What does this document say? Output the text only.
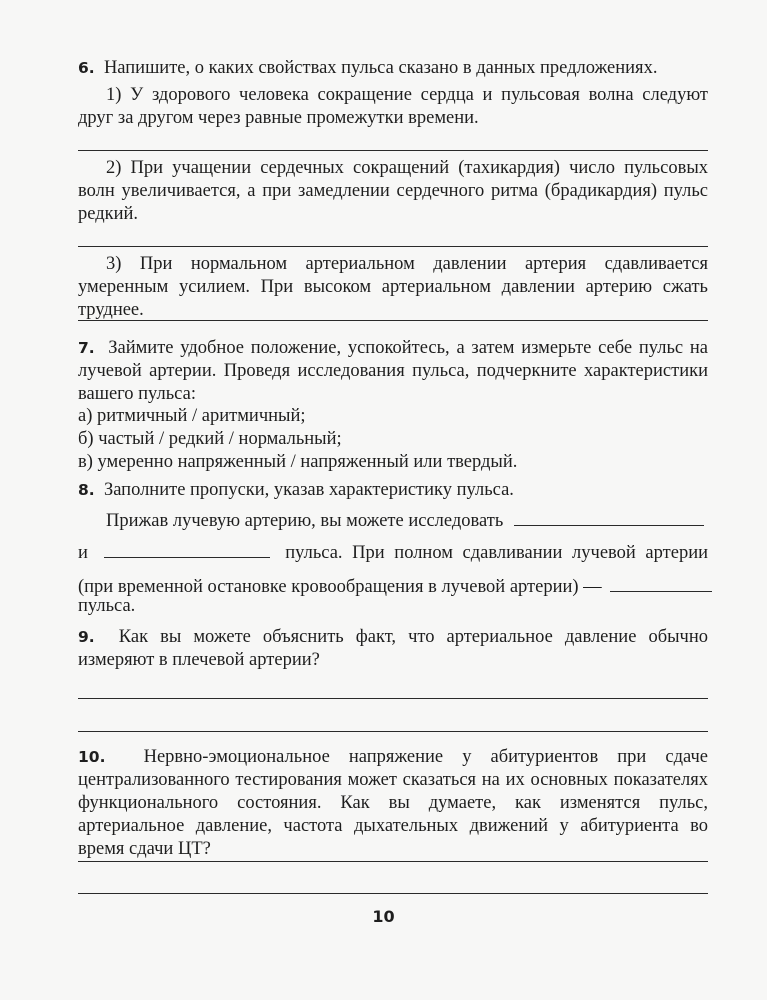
6. Напишите, о каких свойствах пульса сказано в данных предложениях.
1) У здорового человека сокращение сердца и пульсовая волна следуют друг за другом через равные промежутки времени.
2) При учащении сердечных сокращений (тахикардия) число пульсовых волн увеличивается, а при замедлении сердечного ритма (брадикардия) пульс редкий.
3) При нормальном артериальном давлении артерия сдавливается умеренным усилием. При высоком артериальном давлении артерию сжать труднее.
7. Займите удобное положение, успокойтесь, а затем измерьте себе пульс на лучевой артерии. Проведя исследования пульса, подчеркните характеристики вашего пульса:
а) ритмичный / аритмичный;
б) частый / редкий / нормальный;
в) умеренно напряженный / напряженный или твердый.
8. Заполните пропуски, указав характеристику пульса.
Прижав лучевую артерию, вы можете исследовать
и	пульса. При полном сдавливании лучевой артерии
(при временной остановке кровообращения в лучевой артерии) —
пульса.
9. Как вы можете объяснить факт, что артериальное давление обычно измеряют в плечевой артерии?
10. Нервно-эмоциональное напряжение у абитуриентов при сдаче централизованного тестирования может сказаться на их основных показателях функционального состояния. Как вы думаете, как изменятся пульс, артериальное давление, частота дыхательных движений у абитуриента во время сдачи ЦТ?
10
